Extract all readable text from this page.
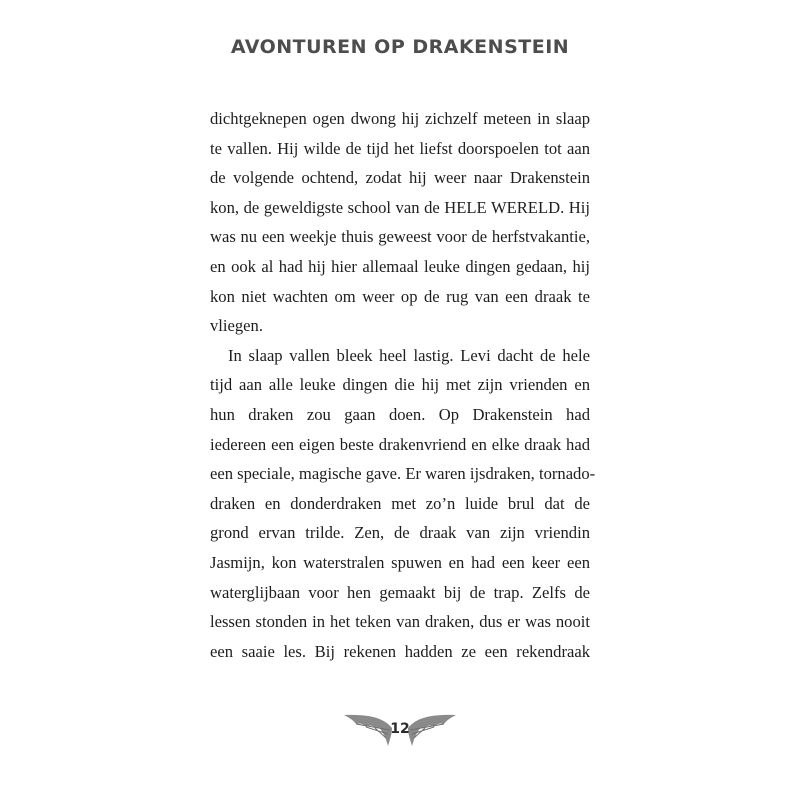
AVONTUREN OP DRAKENSTEIN
dichtgeknepen ogen dwong hij zichzelf meteen in slaap
te vallen. Hij wilde de tijd het liefst doorspoelen tot aan
de volgende ochtend, zodat hij weer naar Drakenstein
kon, de geweldigste school van de HELE WERELD. Hij
was nu een weekje thuis geweest voor de herfstvakantie,
en ook al had hij hier allemaal leuke dingen gedaan, hij
kon niet wachten om weer op de rug van een draak te
vliegen.
In slaap vallen bleek heel lastig. Levi dacht de hele
tijd aan alle leuke dingen die hij met zijn vrienden en
hun draken zou gaan doen. Op Drakenstein had
iedereen een eigen beste drakenvriend en elke draak had
een speciale, magische gave. Er waren ijsdraken, tornado-
draken en donderdraken met zo’n luide brul dat de
grond ervan trilde. Zen, de draak van zijn vriendin
Jasmijn, kon waterstralen spuwen en had een keer een
waterglijbaan voor hen gemaakt bij de trap. Zelfs de
lessen stonden in het teken van draken, dus er was nooit
een saaie les. Bij rekenen hadden ze een rekendraak
12
